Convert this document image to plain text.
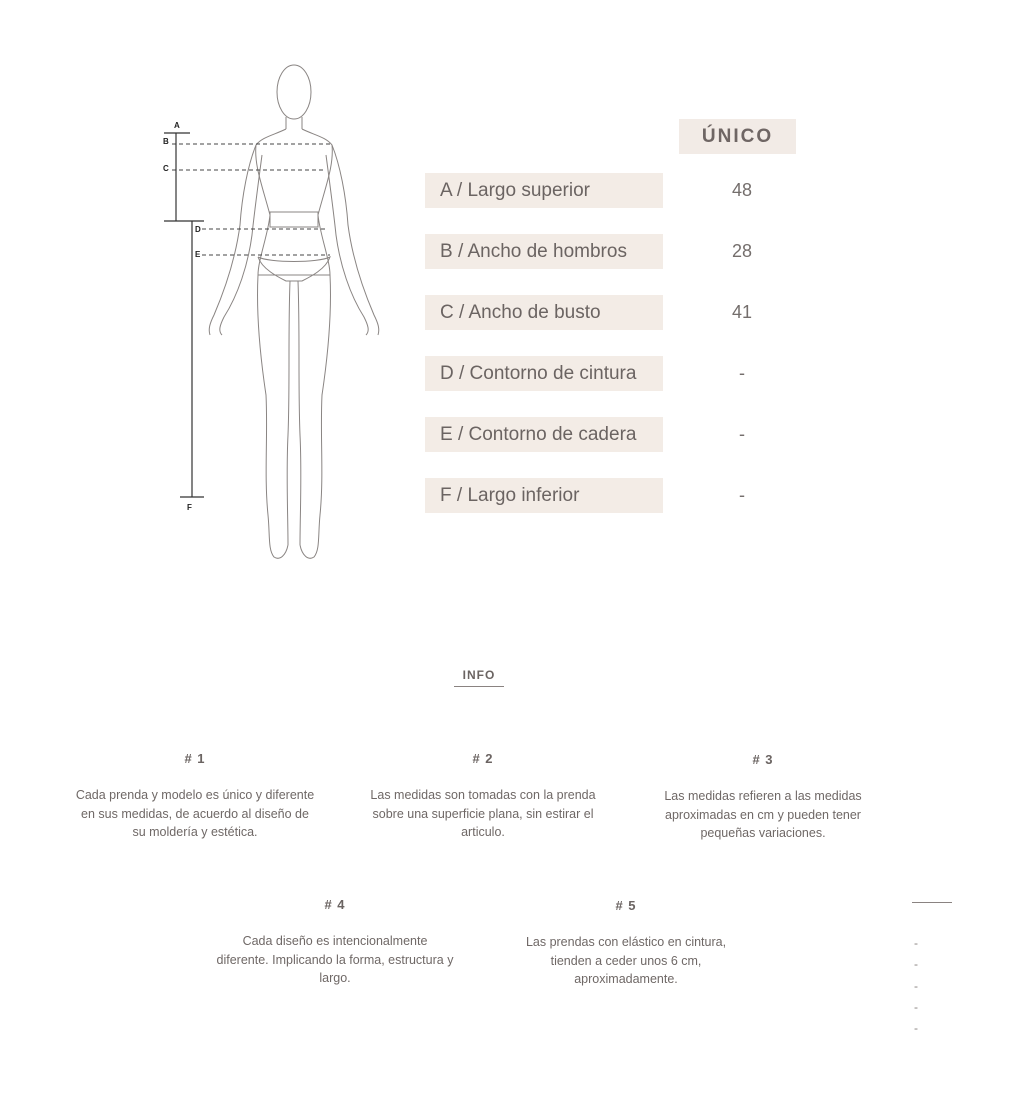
A
B
C
D
E
F
ÚNICO
A / Largo superior	48
B / Ancho de hombros	28
C / Ancho de busto	41
D / Contorno de cintura	-
E / Contorno de cadera	-
F / Largo inferior	-
INFO
# 1
Cada prenda y modelo es único y diferente en sus medidas, de acuerdo al diseño de su moldería y estética.
# 2
Las medidas son tomadas con la prenda sobre una superficie plana, sin estirar el articulo.
# 3
Las medidas refieren a las medidas aproximadas en cm y pueden tener pequeñas variaciones.
# 4
Cada diseño es intencionalmente diferente. Implicando la forma, estructura y largo.
# 5
Las prendas con elástico en cintura, tienden a ceder unos 6 cm, aproximadamente.
-
-
-
-
-
